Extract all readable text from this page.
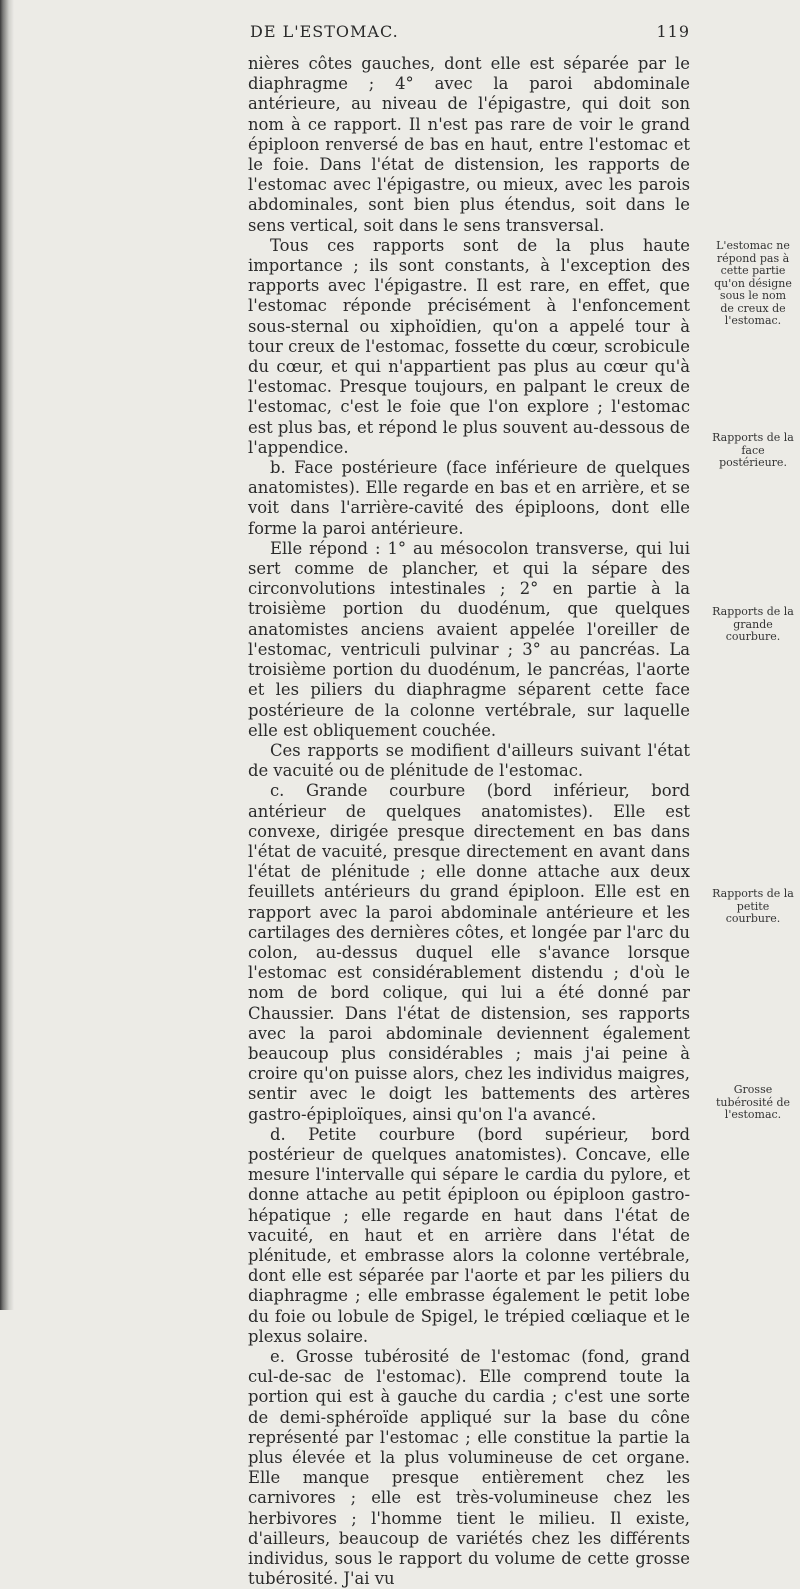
DE L'ESTOMAC.	119

nières côtes gauches, dont elle est séparée par le diaphragme ; 4° avec la paroi abdominale antérieure, au niveau de l'épigastre, qui doit son nom à ce rapport. Il n'est pas rare de voir le grand épiploon renversé de bas en haut, entre l'estomac et le foie. Dans l'état de distension, les rapports de l'estomac avec l'épigastre, ou mieux, avec les parois abdominales, sont bien plus étendus, soit dans le sens vertical, soit dans le sens transversal.

Tous ces rapports sont de la plus haute importance ; ils sont constants, à l'exception des rapports avec l'épigastre. Il est rare, en effet, que l'estomac réponde précisément à l'enfoncement sous-sternal ou xiphoïdien, qu'on a appelé tour à tour creux de l'estomac, fossette du cœur, scrobicule du cœur, et qui n'appartient pas plus au cœur qu'à l'estomac. Presque toujours, en palpant le creux de l'estomac, c'est le foie que l'on explore ; l'estomac est plus bas, et répond le plus souvent au-dessous de l'appendice.

b. Face postérieure (face inférieure de quelques anatomistes). Elle regarde en bas et en arrière, et se voit dans l'arrière-cavité des épiploons, dont elle forme la paroi antérieure.

Elle répond : 1° au mésocolon transverse, qui lui sert comme de plancher, et qui la sépare des circonvolutions intestinales ; 2° en partie à la troisième portion du duodénum, que quelques anatomistes anciens avaient appelée l'oreiller de l'estomac, ventriculi pulvinar ; 3° au pancréas. La troisième portion du duodénum, le pancréas, l'aorte et les piliers du diaphragme séparent cette face postérieure de la colonne vertébrale, sur laquelle elle est obliquement couchée.

Ces rapports se modifient d'ailleurs suivant l'état de vacuité ou de plénitude de l'estomac.

c. Grande courbure (bord inférieur, bord antérieur de quelques anatomistes). Elle est convexe, dirigée presque directement en bas dans l'état de vacuité, presque directement en avant dans l'état de plénitude ; elle donne attache aux deux feuillets antérieurs du grand épiploon. Elle est en rapport avec la paroi abdominale antérieure et les cartilages des dernières côtes, et longée par l'arc du colon, au-dessus duquel elle s'avance lorsque l'estomac est considérablement distendu ; d'où le nom de bord colique, qui lui a été donné par Chaussier. Dans l'état de distension, ses rapports avec la paroi abdominale deviennent également beaucoup plus considérables ; mais j'ai peine à croire qu'on puisse alors, chez les individus maigres, sentir avec le doigt les battements des artères gastro-épiploïques, ainsi qu'on l'a avancé.

d. Petite courbure (bord supérieur, bord postérieur de quelques anatomistes). Concave, elle mesure l'intervalle qui sépare le cardia du pylore, et donne attache au petit épiploon ou épiploon gastro-hépatique ; elle regarde en haut dans l'état de vacuité, en haut et en arrière dans l'état de plénitude, et embrasse alors la colonne vertébrale, dont elle est séparée par l'aorte et par les piliers du diaphragme ; elle embrasse également le petit lobe du foie ou lobule de Spigel, le trépied cœliaque et le plexus solaire.

e. Grosse tubérosité de l'estomac (fond, grand cul-de-sac de l'estomac). Elle comprend toute la portion qui est à gauche du cardia ; c'est une sorte de demi-sphéroïde appliqué sur la base du cône représenté par l'estomac ; elle constitue la partie la plus élevée et la plus volumineuse de cet organe. Elle manque presque entièrement chez les carnivores ; elle est très-volumineuse chez les herbivores ; l'homme tient le milieu. Il existe, d'ailleurs, beaucoup de variétés chez les différents individus, sous le rapport du volume de cette grosse tubérosité. J'ai vu

L'estomac ne répond pas à cette partie qu'on désigne sous le nom de creux de l'estomac.
Rapports de la face postérieure.
Rapports de la grande courbure.
Rapports de la petite courbure.
Grosse tubérosité de l'estomac.
